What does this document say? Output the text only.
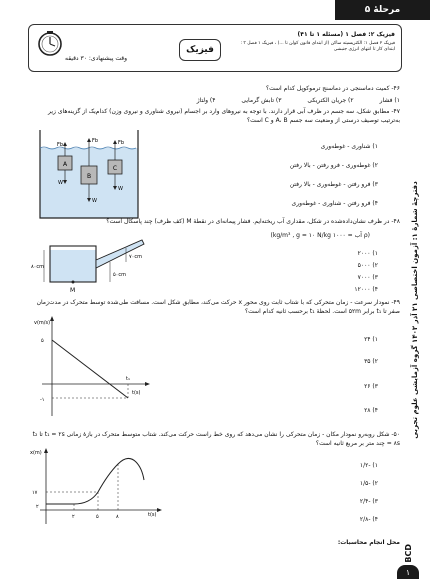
مرحلهٔ ۵
وقت پیشنهادی: ۳۰ دقیقه
فیزیک
فیزیک ۲: فصل ۱ (مسئله ۱ تا ۴۱)
فیزیک ۲ فصل ۱: الکتریسیته ساکن (از ابتدای قانون کولن تا ...) ، فیزیک ۱ فصل ۳ : ابتدای کار تا انتهای انرژی جنبشی
دفترچهٔ شمارهٔ ۱: آزمون اختصاصی ۲۱ آذر ۱۴۰۲ گروه آزمایشی علوم تجربی
BCD
۱
۴۶- کمیت دماسنجی در دماسنج ترموکوپل کدام است؟
۱) فشار ۲) جریان الکتریکی ۳) تابش گرمایی ۴) ولتاژ
۴۷- مطابق شکل، سه جسم در ظرف آبی قرار دارند. با توجه به نیروهای وارد بر اجسام (نیروی شناوری و نیروی وزن) کدام‌یک از گزینه‌های زیر به‌ترتیب توصیف درستی از وضعیت سه جسم A، B و C است؟
A
Fb
W
B
Fb
W
C
Fb
W
۱) شناوری - غوطه‌وری
۲) غوطه‌وری - فرو رفتن - بالا رفتن
۳) فرو رفتن - غوطه‌وری - بالا رفتن
۴) فرو رفتن - شناوری - غوطه‌وری
۴۸- در ظرف نشان‌داده‌شده در شکل، مقداری آب ریخته‌ایم. فشار پیمانه‌ای در نقطهٔ M (کف ظرف) چند پاسکال است؟
(ρ آب = ۱۰۰۰ kg/m³ , g = ۱۰ N/kg)
۸۰cm
۵۰cm
۷۰cm
M
۱) ۲۰۰۰
۲) ۵۰۰۰
۳) ۷۰۰۰
۴) ۱۲۰۰۰
۴۹- نمودار سرعت - زمان متحرکی که با شتاب ثابت روی محور x حرکت می‌کند، مطابق شکل است. مسافت طی‌شده توسط متحرک در مدت‌زمان صفر تا t₁ برابر ۵۲m است. لحظهٔ t₁ برحسب ثانیه کدام است؟
v(m/s)
t(s)
۵
-۱
t₁
۱) ۲۴
۲) ۳۵
۳) ۲۶
۴) ۲۸
۵۰- شکل روبه‌رو نمودار مکان - زمان متحرکی را نشان می‌دهد که روی خط راست حرکت می‌کند. شتاب متوسط متحرک در بازهٔ زمانی t₁ = ۲s تا t₂ = ۸s چند متر بر مربع ثانیه است؟
x(m)
t(s)
۱۷
۲
۲	۵	۸
۱) -۱/۲
۲) -۱/۵
۳) -۲/۴
۴) -۲/۸
محل انجام محاسبات:
